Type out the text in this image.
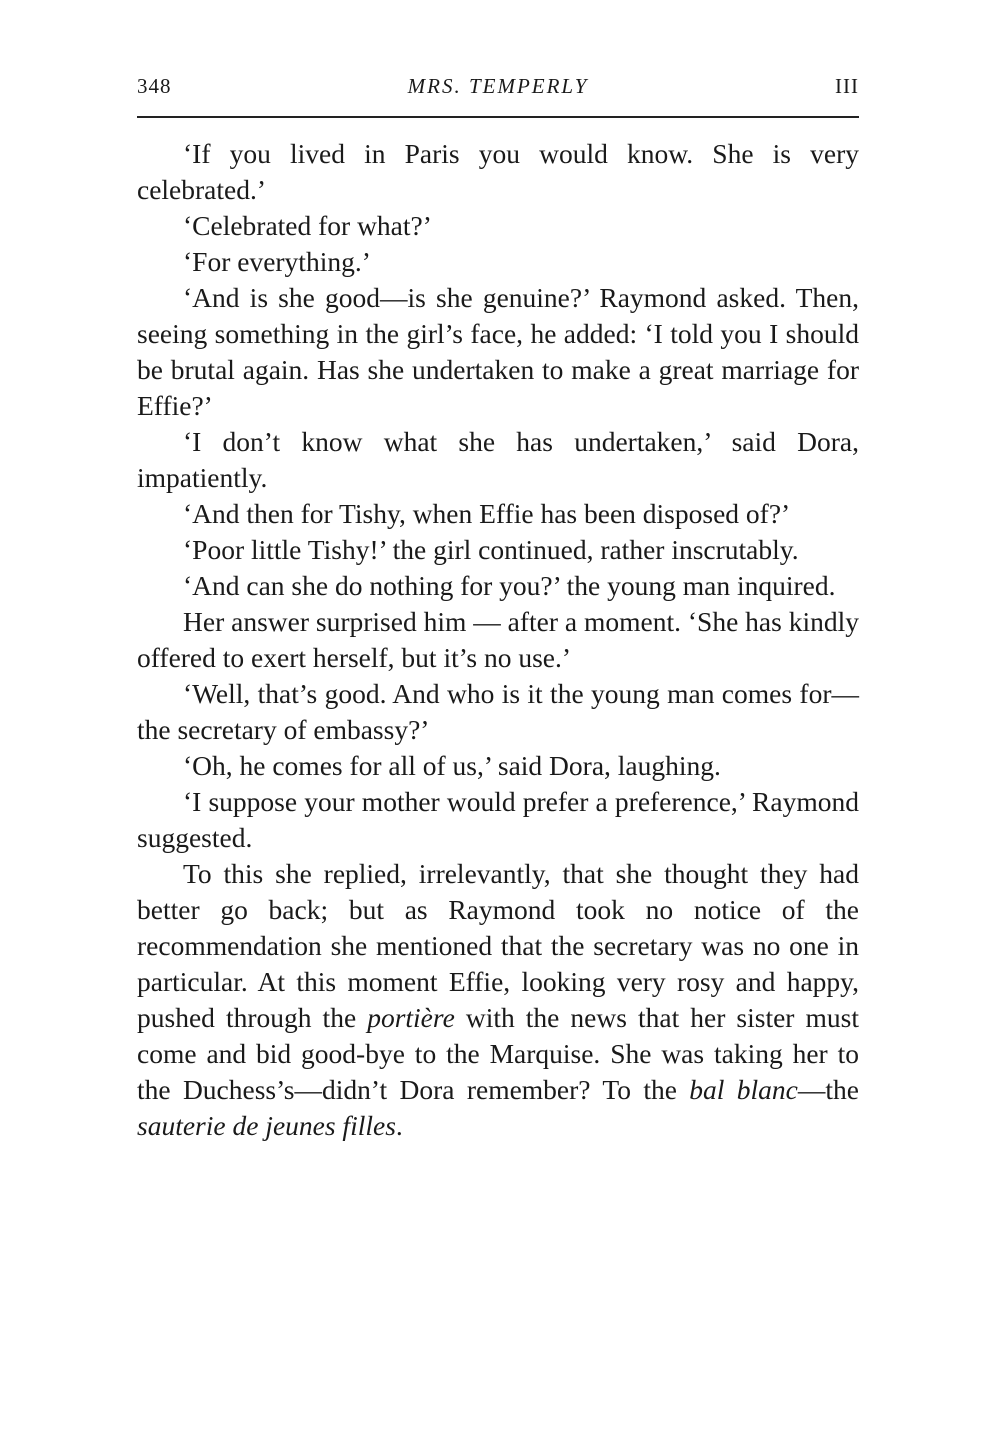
348	MRS. TEMPERLY	III

‘If you lived in Paris you would know. She is very celebrated.’

‘Celebrated for what?’

‘For everything.’

‘And is she good—is she genuine?’ Raymond asked. Then, seeing something in the girl’s face, he added: ‘I told you I should be brutal again. Has she undertaken to make a great marriage for Effie?’

‘I don’t know what she has undertaken,’ said Dora, impatiently.

‘And then for Tishy, when Effie has been disposed of?’

‘Poor little Tishy!’ the girl continued, rather inscrutably.

‘And can she do nothing for you?’ the young man inquired.

Her answer surprised him — after a moment. ‘She has kindly offered to exert herself, but it’s no use.’

‘Well, that’s good. And who is it the young man comes for—the secretary of embassy?’

‘Oh, he comes for all of us,’ said Dora, laughing.

‘I suppose your mother would prefer a preference,’ Raymond suggested.

To this she replied, irrelevantly, that she thought they had better go back; but as Raymond took no notice of the recommendation she mentioned that the secretary was no one in particular. At this moment Effie, looking very rosy and happy, pushed through the portière with the news that her sister must come and bid good-bye to the Marquise. She was taking her to the Duchess’s—didn’t Dora remember? To the bal blanc—the sauterie de jeunes filles.
